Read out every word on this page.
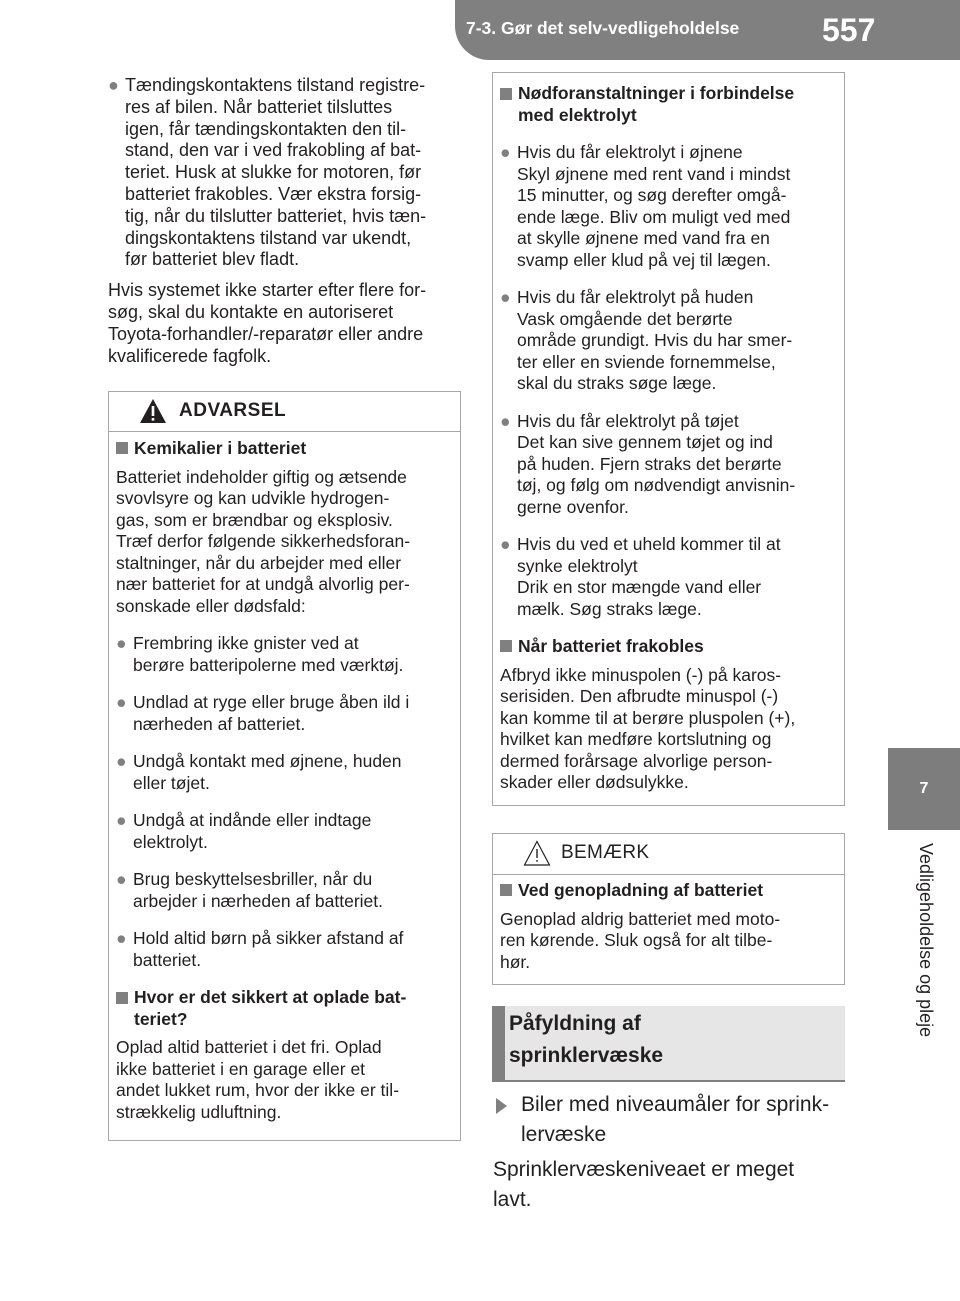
7-3. Gør det selv-vedligeholdelse	557
7
Vedligeholdelse og pleje
● Tændingskontaktens tilstand registre-
res af bilen. Når batteriet tilsluttes
igen, får tændingskontakten den til-
stand, den var i ved frakobling af bat-
teriet. Husk at slukke for motoren, før
batteriet frakobles. Vær ekstra forsig-
tig, når du tilslutter batteriet, hvis tæn-
dingskontaktens tilstand var ukendt,
før batteriet blev fladt.
Hvis systemet ikke starter efter flere for-
søg, skal du kontakte en autoriseret
Toyota-forhandler/-reparatør eller andre
kvalificerede fagfolk.
ADVARSEL
Kemikalier i batteriet
Batteriet indeholder giftig og ætsende
svovlsyre og kan udvikle hydrogen-
gas, som er brændbar og eksplosiv.
Træf derfor følgende sikkerhedsforan-
staltninger, når du arbejder med eller
nær batteriet for at undgå alvorlig per-
sonskade eller dødsfald:
● Frembring ikke gnister ved at
berøre batteripolerne med værktøj.
● Undlad at ryge eller bruge åben ild i
nærheden af batteriet.
● Undgå kontakt med øjnene, huden
eller tøjet.
● Undgå at indånde eller indtage
elektrolyt.
● Brug beskyttelsesbriller, når du
arbejder i nærheden af batteriet.
● Hold altid børn på sikker afstand af
batteriet.
Hvor er det sikkert at oplade bat-
teriet?
Oplad altid batteriet i det fri. Oplad
ikke batteriet i en garage eller et
andet lukket rum, hvor der ikke er til-
strækkelig udluftning.
Nødforanstaltninger i forbindelse
med elektrolyt
● Hvis du får elektrolyt i øjnene
Skyl øjnene med rent vand i mindst
15 minutter, og søg derefter omgå-
ende læge. Bliv om muligt ved med
at skylle øjnene med vand fra en
svamp eller klud på vej til lægen.
● Hvis du får elektrolyt på huden
Vask omgående det berørte
område grundigt. Hvis du har smer-
ter eller en sviende fornemmelse,
skal du straks søge læge.
● Hvis du får elektrolyt på tøjet
Det kan sive gennem tøjet og ind
på huden. Fjern straks det berørte
tøj, og følg om nødvendigt anvisnin-
gerne ovenfor.
● Hvis du ved et uheld kommer til at
synke elektrolyt
Drik en stor mængde vand eller
mælk. Søg straks læge.
Når batteriet frakobles
Afbryd ikke minuspolen (-) på karos-
serisiden. Den afbrudte minuspol (-)
kan komme til at berøre pluspolen (+),
hvilket kan medføre kortslutning og
dermed forårsage alvorlige person-
skader eller dødsulykke.
BEMÆRK
Ved genopladning af batteriet
Genoplad aldrig batteriet med moto-
ren kørende. Sluk også for alt tilbe-
hør.
Påfyldning af
sprinklervæske
Biler med niveaumåler for sprink-
lervæske
Sprinklervæskeniveaet er meget
lavt.
